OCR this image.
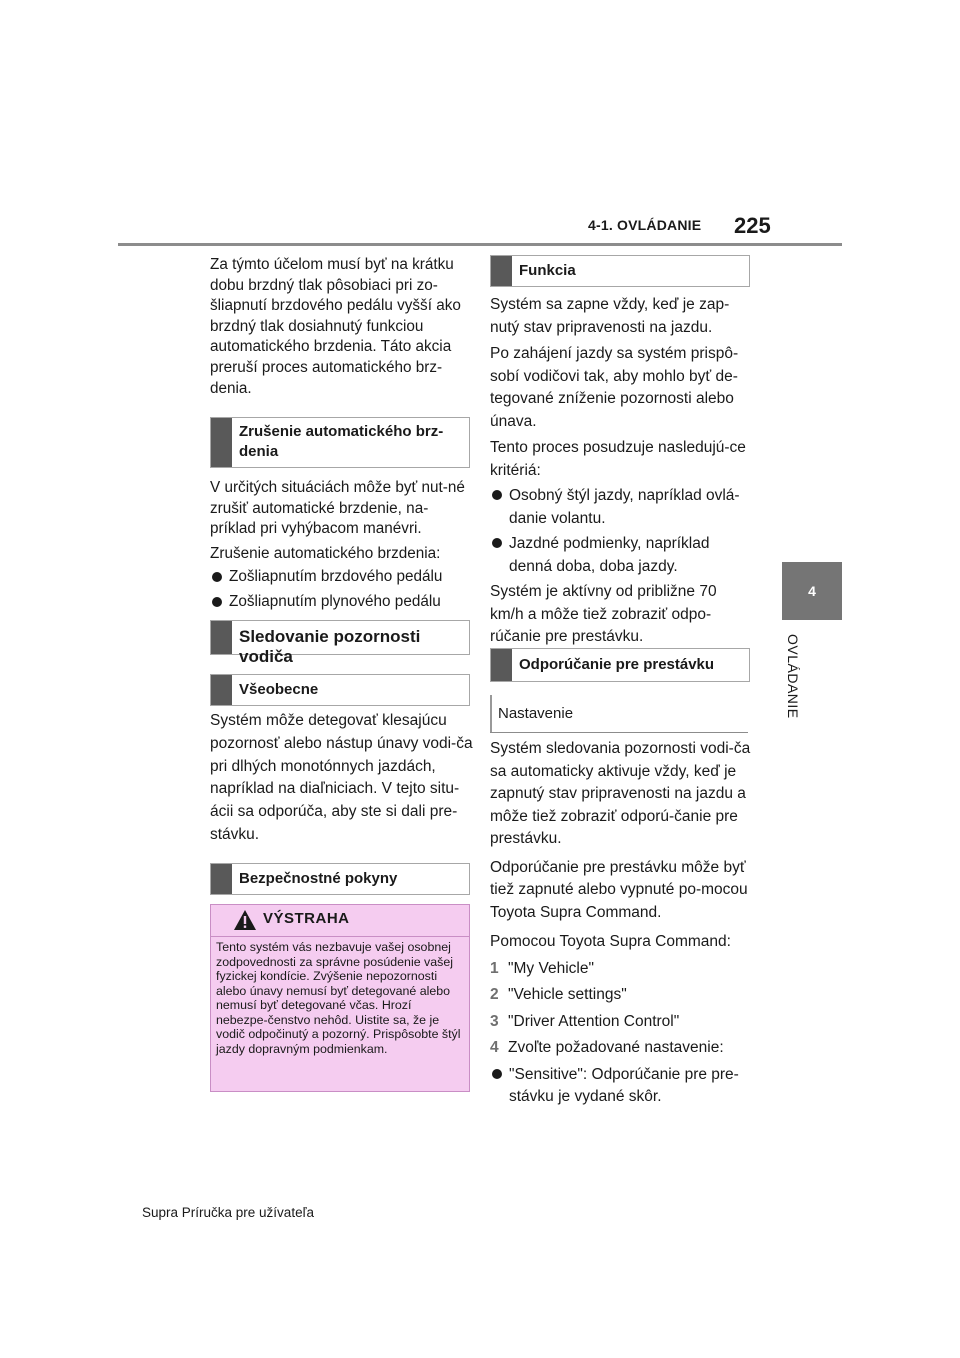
4-1. OVLÁDANIE 225
4
OVLÁDANIE

Za týmto účelom musí byť na krátku dobu brzdný tlak pôsobiaci pri zo-šliapnutí brzdového pedálu vyšší ako brzdný tlak dosiahnutý funkciou automatického brzdenia. Táto akcia preruší proces automatického brz-denia.

Zrušenie automatického brz-denia

V určitých situáciách môže byť nut-né zrušiť automatické brzdenie, na-príklad pri vyhýbacom manévri.

Zrušenie automatického brzdenia:

Zošliapnutím brzdového pedálu

Zošliapnutím plynového pedálu

Sledovanie pozornosti vodiča
Všeobecne

Systém môže detegovať klesajúcu pozornosť alebo nástup únavy vodi-ča pri dlhých monotónnych jazdách, napríklad na diaľniciach. V tejto situ-ácii sa odporúča, aby ste si dali pre-stávku.

Bezpečnostné pokyny
VÝSTRAHA
Tento systém vás nezbavuje vašej osobnej zodpovednosti za správne posúdenie vašej fyzickej kondície. Zvýšenie nepozornosti alebo únavy nemusí byť detegované alebo nemusí byť detegované včas. Hrozí nebezpe-čenstvo nehôd. Uistite sa, že je vodič odpočinutý a pozorný. Prispôsobte štýl jazdy dopravným podmienkam.
Funkcia

Systém sa zapne vždy, keď je zap-nutý stav pripravenosti na jazdu.

Po zahájení jazdy sa systém prispô-sobí vodičovi tak, aby mohlo byť de-tegované zníženie pozornosti alebo únava.

Tento proces posudzuje nasledujú-ce kritériá:

Osobný štýl jazdy, napríklad ovlá-danie volantu.

Jazdné podmienky, napríklad denná doba, doba jazdy.

Systém je aktívny od približne 70 km/h a môže tiež zobraziť odpo-rúčanie pre prestávku.

Odporúčanie pre prestávku
Nastavenie

Systém sledovania pozornosti vodi-ča sa automaticky aktivuje vždy, keď je zapnutý stav pripravenosti na jazdu a môže tiež zobraziť odporú-čanie pre prestávku.

Odporúčanie pre prestávku môže byť tiež zapnuté alebo vypnuté po-mocou Toyota Supra Command.

Pomocou Toyota Supra Command:

1 "My Vehicle"
2 "Vehicle settings"
3 "Driver Attention Control"
4 Zvoľte požadované nastavenie:

"Sensitive": Odporúčanie pre pre-stávku je vydané skôr.

Supra Príručka pre užívateľa
